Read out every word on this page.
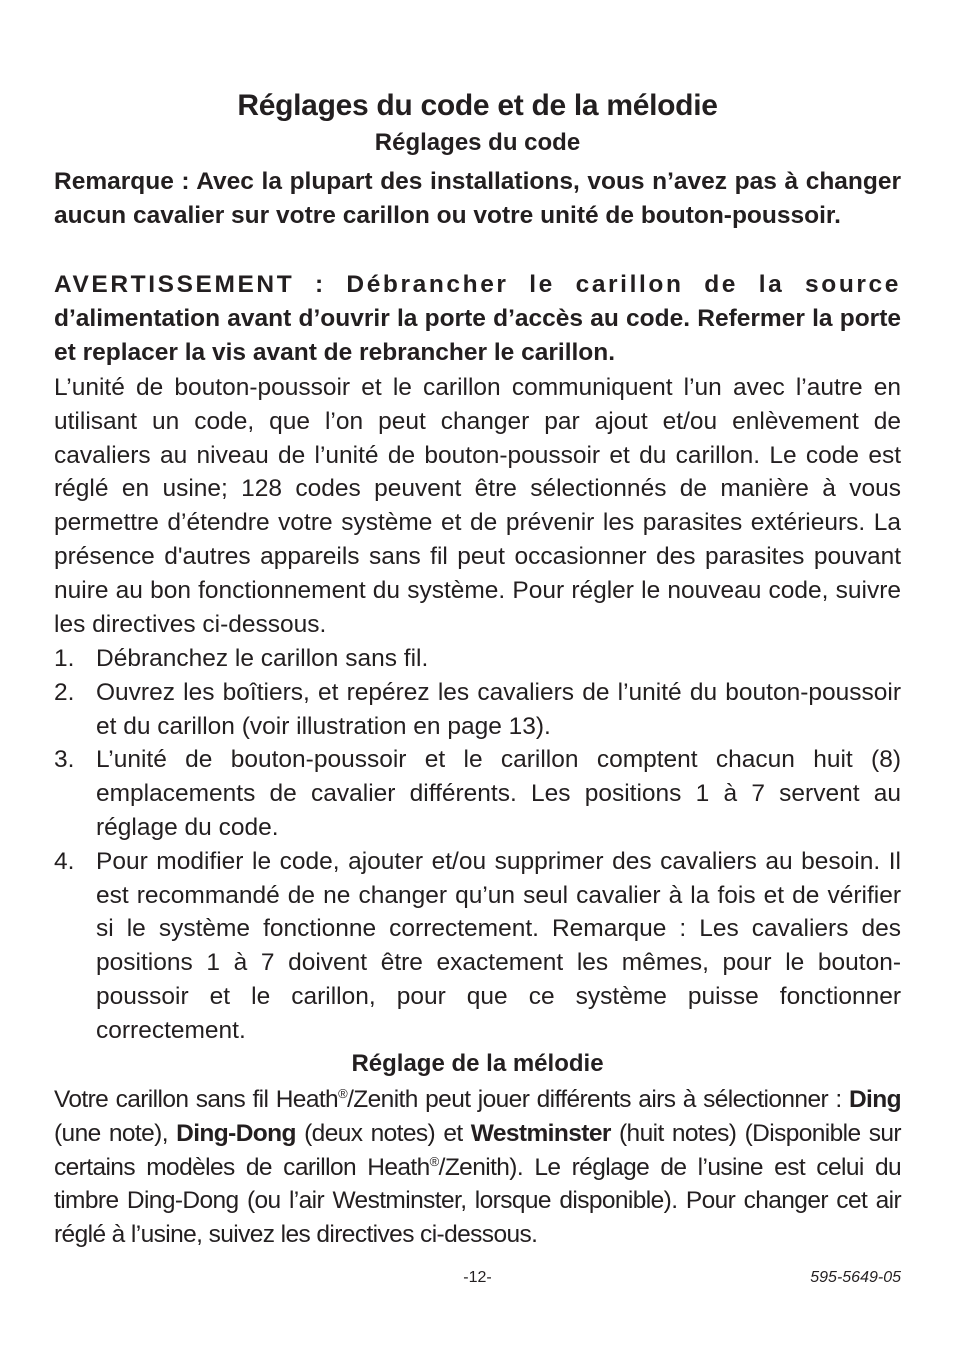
Réglages du code et de la mélodie
Réglages du code

Remarque : Avec la plupart des installations, vous n’avez pas à changer aucun cavalier sur votre carillon ou votre unité de bouton-poussoir.

AVERTISSEMENT : Débrancher le carillon de la source d’alimentation avant d’ouvrir la porte d’accès au code. Refermer la porte et replacer la vis avant de rebrancher le carillon.

L’unité de bouton-poussoir et le carillon communiquent l’un avec l’autre en utilisant un code, que l’on peut changer par ajout et/ou enlèvement de cavaliers au niveau de l’unité de bouton-poussoir et du carillon. Le code est réglé en usine; 128 codes peuvent être sélectionnés de manière à vous permettre d’étendre votre système et de prévenir les parasites extérieurs. La présence d'autres appareils sans fil peut occasionner des parasites pouvant nuire au bon fonctionnement du système. Pour régler le nouveau code, suivre les directives ci-dessous.

1. Débranchez le carillon sans fil.
2. Ouvrez les boîtiers, et repérez les cavaliers de l’unité du bouton-poussoir et du carillon (voir illustration en page 13).
3. L’unité de bouton-poussoir et le carillon comptent chacun huit (8) emplacements de cavalier différents. Les positions 1 à 7 servent au réglage du code.
4. Pour modifier le code, ajouter et/ou supprimer des cavaliers au besoin. Il est recommandé de ne changer qu’un seul cavalier à la fois et de vérifier si le système fonctionne correctement. Remarque : Les cavaliers des positions 1 à 7 doivent être exactement les mêmes, pour le bouton-poussoir et le carillon, pour que ce système puisse fonctionner correctement.
Réglage de la mélodie

Votre carillon sans fil Heath®/Zenith peut jouer différents airs à sélectionner : Ding (une note), Ding-Dong (deux notes) et Westminster (huit notes) (Disponible sur certains modèles de carillon Heath®/Zenith). Le réglage de l’usine est celui du timbre Ding-Dong (ou l’air Westminster, lorsque disponible). Pour changer cet air réglé à l’usine, suivez les directives ci-dessous.

-12-	595-5649-05
